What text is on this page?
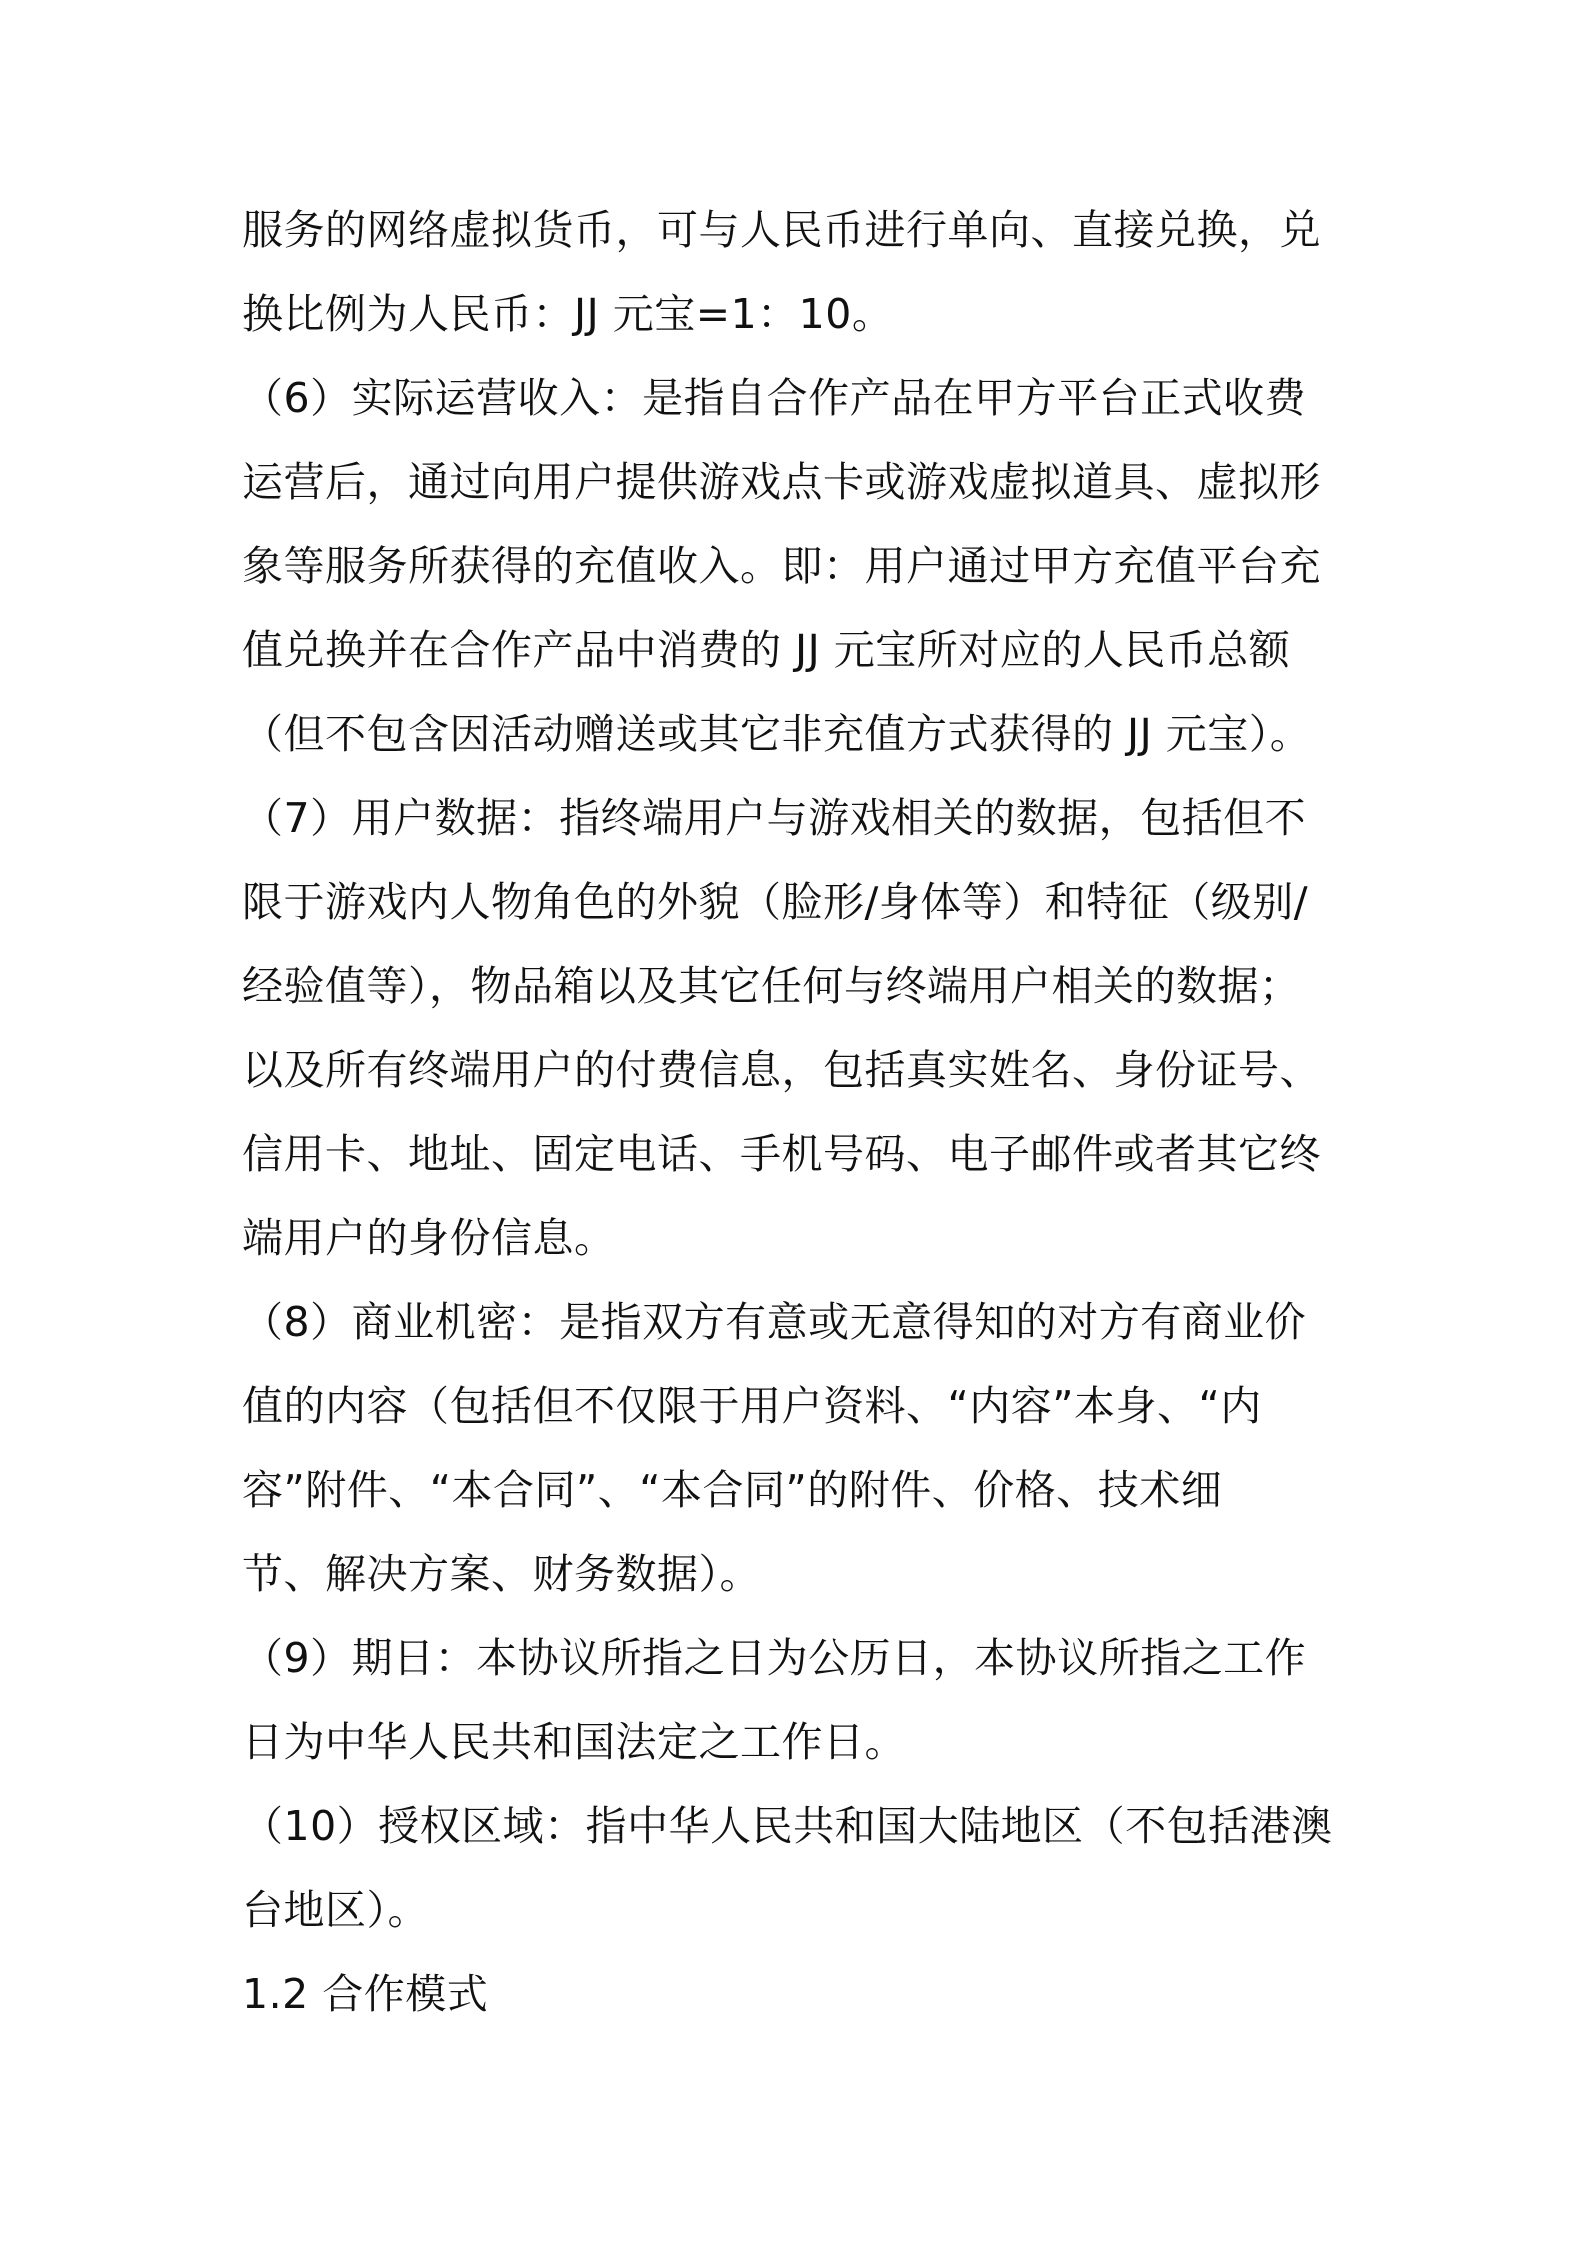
服务的网络虚拟货币，可与人民币进行单向、直接兑换，兑
换比例为人民币：JJ 元宝=1：10。
（6）实际运营收入：是指自合作产品在甲方平台正式收费
运营后，通过向用户提供游戏点卡或游戏虚拟道具、虚拟形
象等服务所获得的充值收入。即：用户通过甲方充值平台充
值兑换并在合作产品中消费的 JJ 元宝所对应的人民币总额
（但不包含因活动赠送或其它非充值方式获得的 JJ 元宝）。
（7）用户数据：指终端用户与游戏相关的数据，包括但不
限于游戏内人物角色的外貌（脸形/身体等）和特征（级别/
经验值等），物品箱以及其它任何与终端用户相关的数据；
以及所有终端用户的付费信息，包括真实姓名、身份证号、
信用卡、地址、固定电话、手机号码、电子邮件或者其它终
端用户的身份信息。
（8）商业机密：是指双方有意或无意得知的对方有商业价
值的内容（包括但不仅限于用户资料、“内容”本身、“内
容”附件、“本合同”、“本合同”的附件、价格、技术细
节、解决方案、财务数据）。
（9）期日：本协议所指之日为公历日，本协议所指之工作
日为中华人民共和国法定之工作日。
（10）授权区域：指中华人民共和国大陆地区（不包括港澳
台地区）。
1.2 合作模式
